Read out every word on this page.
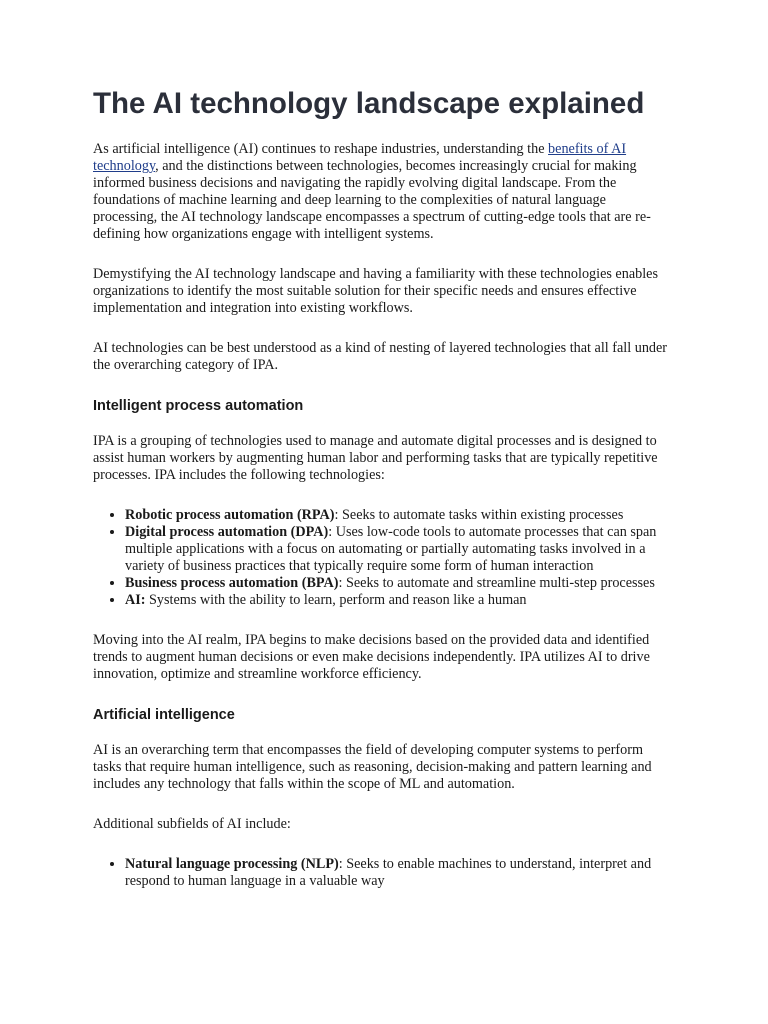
The AI technology landscape explained

As artificial intelligence (AI) continues to reshape industries, understanding the benefits of AI technology, and the distinctions between technologies, becomes increasingly crucial for making informed business decisions and navigating the rapidly evolving digital landscape. From the foundations of machine learning and deep learning to the complexities of natural language processing, the AI technology landscape encompasses a spectrum of cutting-edge tools that are re-defining how organizations engage with intelligent systems.

Demystifying the AI technology landscape and having a familiarity with these technologies enables organizations to identify the most suitable solution for their specific needs and ensures effective implementation and integration into existing workflows.

AI technologies can be best understood as a kind of nesting of layered technologies that all fall under the overarching category of IPA.

Intelligent process automation

IPA is a grouping of technologies used to manage and automate digital processes and is designed to assist human workers by augmenting human labor and performing tasks that are typically repetitive processes. IPA includes the following technologies:

• Robotic process automation (RPA): Seeks to automate tasks within existing processes
• Digital process automation (DPA): Uses low-code tools to automate processes that can span multiple applications with a focus on automating or partially automating tasks involved in a variety of business practices that typically require some form of human interaction
• Business process automation (BPA): Seeks to automate and streamline multi-step processes
• AI: Systems with the ability to learn, perform and reason like a human

Moving into the AI realm, IPA begins to make decisions based on the provided data and identified trends to augment human decisions or even make decisions independently. IPA utilizes AI to drive innovation, optimize and streamline workforce efficiency.

Artificial intelligence

AI is an overarching term that encompasses the field of developing computer systems to perform tasks that require human intelligence, such as reasoning, decision-making and pattern learning and includes any technology that falls within the scope of ML and automation.

Additional subfields of AI include:

• Natural language processing (NLP): Seeks to enable machines to understand, interpret and respond to human language in a valuable way
